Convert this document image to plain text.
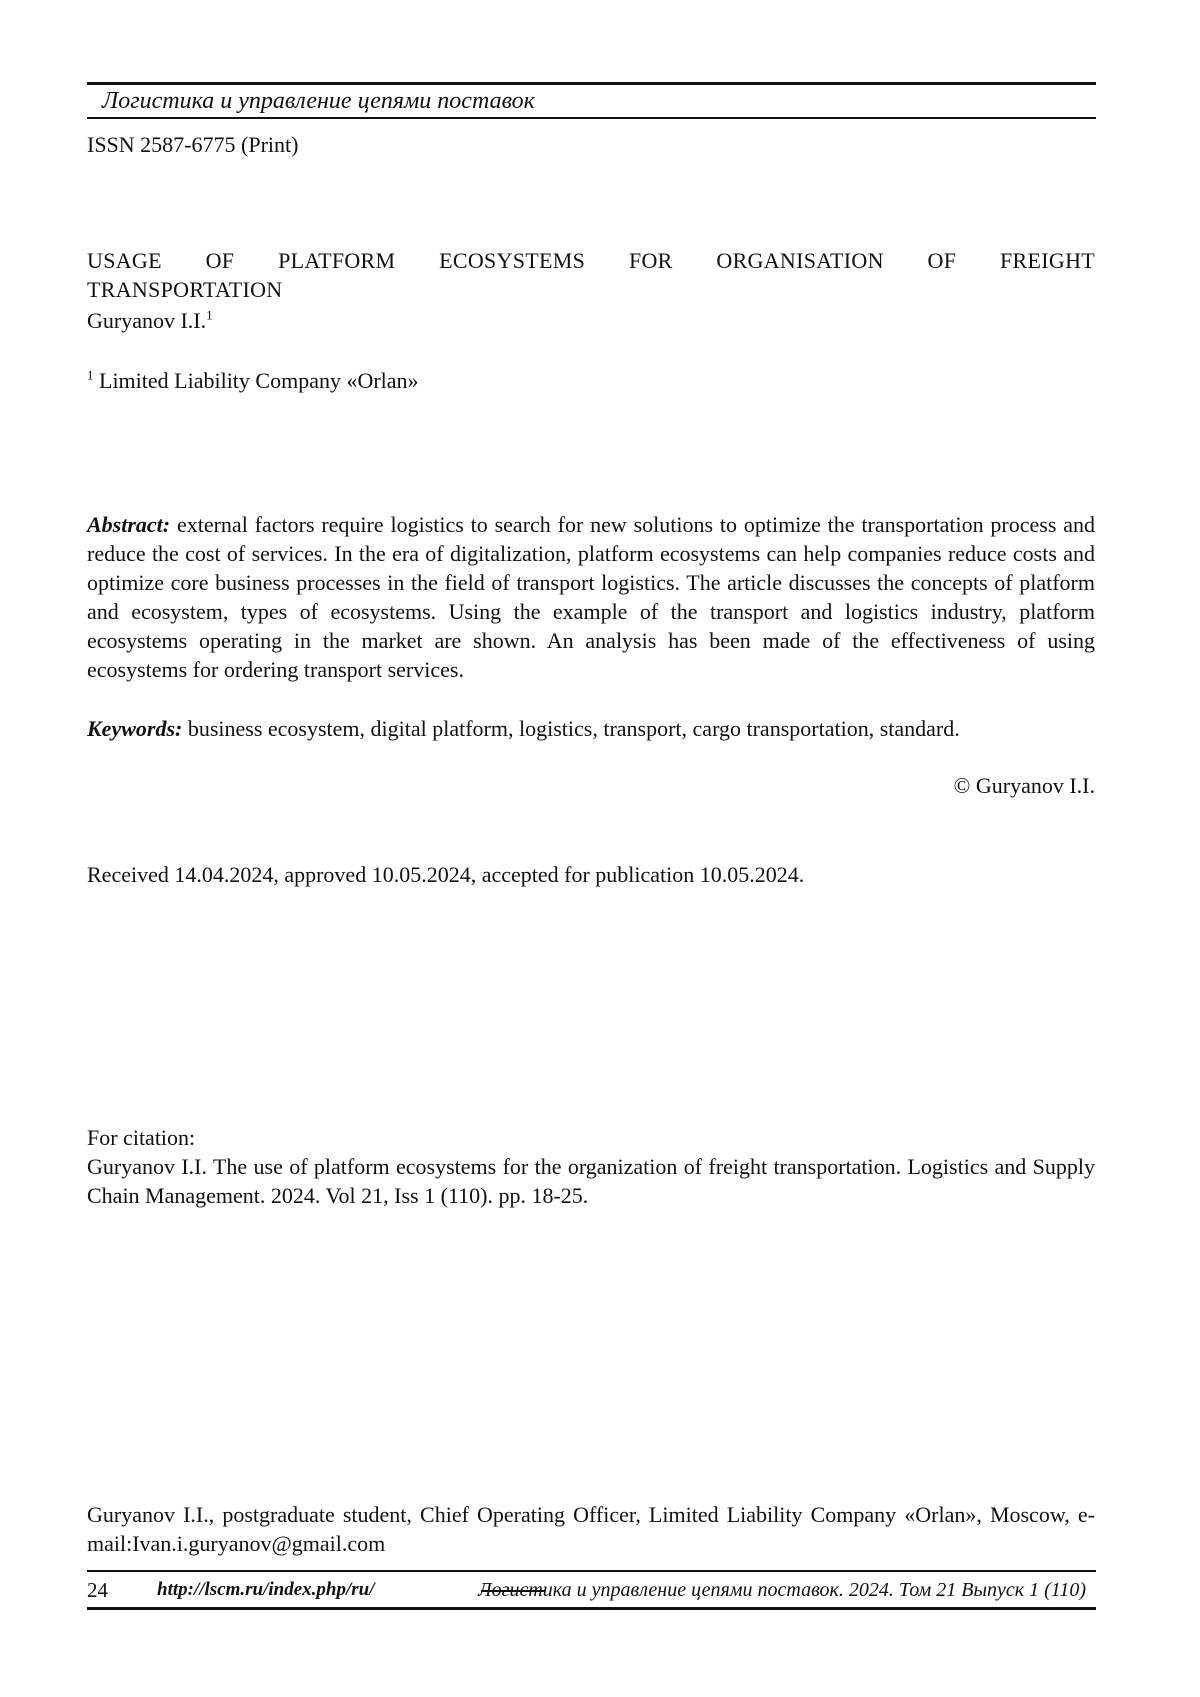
Логистика и управление цепями поставок
ISSN 2587-6775 (Print)
USAGE OF PLATFORM ECOSYSTEMS FOR ORGANISATION OF FREIGHT
TRANSPORTATION
Guryanov I.I.$^1$
$^1$ Limited Liability Company «Orlan»
Abstract: external factors require logistics to search for new solutions to optimize the transportation process and reduce the cost of services. In the era of digitalization, platform ecosystems can help companies reduce costs and optimize core business processes in the field of transport logistics. The article discusses the concepts of platform and ecosystem, types of ecosystems. Using the example of the transport and logistics industry, platform ecosystems operating in the market are shown. An analysis has been made of the effectiveness of using ecosystems for ordering transport services.
Keywords: business ecosystem, digital platform, logistics, transport, cargo transportation, standard.
© Guryanov I.I.
Received 14.04.2024, approved 10.05.2024, accepted for publication 10.05.2024.
For citation:
Guryanov I.I. The use of platform ecosystems for the organization of freight transportation. Logistics and Supply Chain Management. 2024. Vol 21, Iss 1 (110). pp. 18-25.
Guryanov I.I., postgraduate student, Chief Operating Officer, Limited Liability Company «Orlan», Moscow, e-mail:Ivan.i.guryanov@gmail.com
24	http://lscm.ru/index.php/ru/	Логистика и управление цепями поставок. 2024. Том 21 Выпуск 1 (110)
